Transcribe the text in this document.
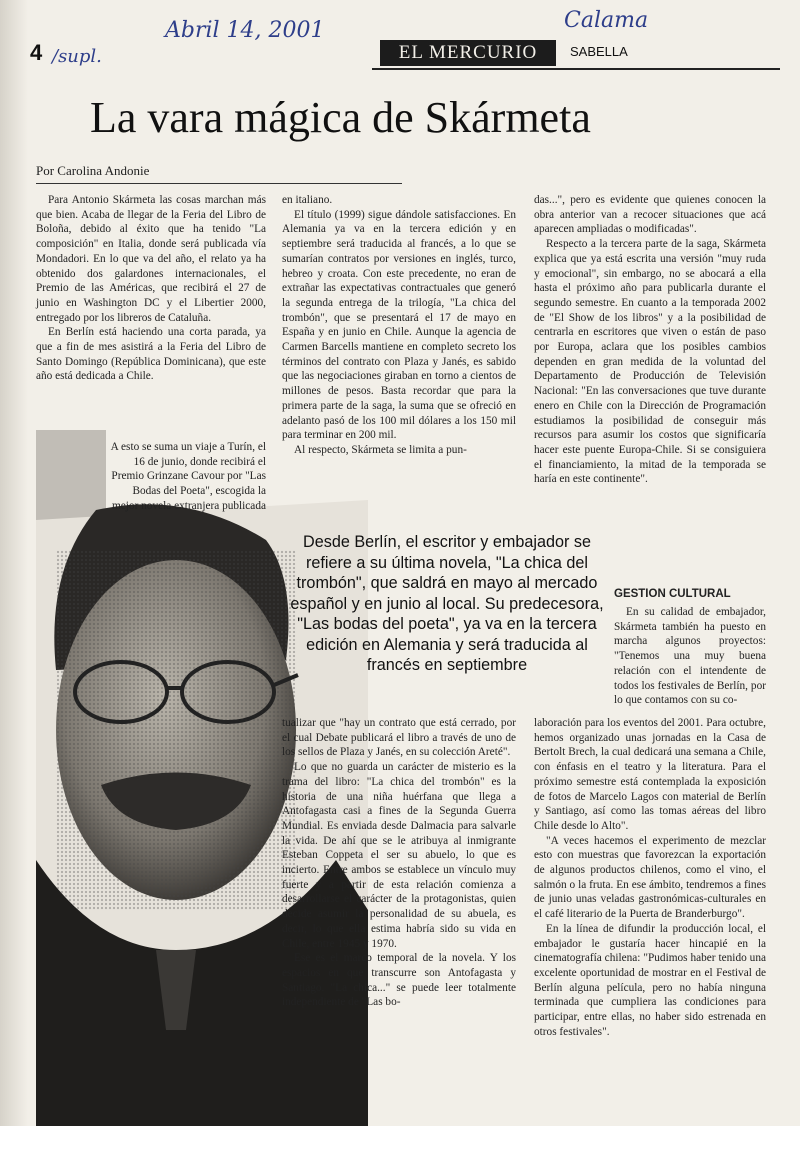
4 /supl.
Abril 14, 2001	Calama
EL MERCURIO	SABELLA
La vara mágica de Skármeta
Por Carolina Andonie

Para Antonio Skármeta las cosas marchan más que bien. Acaba de llegar de la Feria del Libro de Boloña, debido al éxito que ha tenido "La composición" en Italia, donde será publicada vía Mondadori. En lo que va del año, el relato ya ha obtenido dos galardones internacionales, el Premio de las Américas, que recibirá el 27 de junio en Washington DC y el Libertier 2000, entregado por los libreros de Cataluña.

En Berlín está haciendo una corta parada, ya que a fin de mes asistirá a la Feria del Libro de Santo Domingo (República Dominicana), que este año está dedicada a Chile.

A esto se suma un viaje a Turín, el 16 de junio, donde recibirá el Premio Grinzane Cavour por "Las Bodas del Poeta", escogida la mejor novela extranjera publicada

en italiano.

El título (1999) sigue dándole satisfacciones. En Alemania ya va en la tercera edición y en septiembre será traducida al francés, a lo que se sumarían contratos por versiones en inglés, turco, hebreo y croata. Con este precedente, no eran de extrañar las expectativas contractuales que generó la segunda entrega de la trilogía, "La chica del trombón", que se presentará el 17 de mayo en España y en junio en Chile. Aunque la agencia de Carmen Barcells mantiene en completo secreto los términos del contrato con Plaza y Janés, es sabido que las negociaciones giraban en torno a cientos de millones de pesos. Basta recordar que para la primera parte de la saga, la suma que se ofreció en adelanto pasó de los 100 mil dólares a los 150 mil para terminar en 200 mil.

Al respecto, Skármeta se limita a pun-

das...", pero es evidente que quienes conocen la obra anterior van a recocer situaciones que acá aparecen ampliadas o modificadas".

Respecto a la tercera parte de la saga, Skármeta explica que ya está escrita una versión "muy ruda y emocional", sin embargo, no se abocará a ella hasta el próximo año para publicarla durante el segundo semestre. En cuanto a la temporada 2002 de "El Show de los libros" y a la posibilidad de centrarla en escritores que viven o están de paso por Europa, aclara que los posibles cambios dependen en gran medida de la voluntad del Departamento de Producción de Televisión Nacional: "En las conversaciones que tuve durante enero en Chile con la Dirección de Programación estudiamos la posibilidad de conseguir más recursos para asumir los costos que significaría hacer este puente Europa-Chile. Si se consiguiera el financiamiento, la mitad de la temporada se haría en este continente".

Desde Berlín, el escritor y embajador se refiere a su última novela, "La chica del trombón", que saldrá en mayo al mercado español y en junio al local. Su predecesora, "Las bodas del poeta", ya va en la tercera edición en Alemania y será traducida al francés en septiembre
GESTION CULTURAL

En su calidad de embajador, Skármeta también ha puesto en marcha algunos proyectos: "Tenemos una muy buena relación con el intendente de todos los festivales de Berlín, por lo que contamos con su co-

tualizar que "hay un contrato que está cerrado, por el cual Debate publicará el libro a través de uno de los sellos de Plaza y Janés, en su colección Areté".

Lo que no guarda un carácter de misterio es la trama del libro: "La chica del trombón" es la historia de una niña huérfana que llega a Antofagasta casi a fines de la Segunda Guerra Mundial. Es enviada desde Dalmacia para salvarle la vida. De ahí que se le atribuya al inmigrante Esteban Coppeta el ser su abuelo, lo que es incierto. Entre ambos se establece un vínculo muy fuerte y a partir de esta relación comienza a desarrollarse el carácter de la protagonistas, quien decide asumir la personalidad de su abuela, es decir, lo que ella estima habría sido su vida en Chile, entre 1945 y 1970.

Ese es el marco temporal de la novela. Y los espacios en que transcurre son Antofagasta y Santiago. "La chica..." se puede leer totalmente independiente de "Las bo-

laboración para los eventos del 2001. Para octubre, hemos organizado unas jornadas en la Casa de Bertolt Brech, la cual dedicará una semana a Chile, con énfasis en el teatro y la literatura. Para el próximo semestre está contemplada la exposición de fotos de Marcelo Lagos con material de Berlín y Santiago, así como las tomas aéreas del libro Chile desde lo Alto".

"A veces hacemos el experimento de mezclar esto con muestras que favorezcan la exportación de algunos productos chilenos, como el vino, el salmón o la fruta. En ese ámbito, tendremos a fines de junio unas veladas gastronómicas-culturales en el café literario de la Puerta de Branderburgo".

En la línea de difundir la producción local, el embajador le gustaría hacer hincapié en la cinematografía chilena: "Pudimos haber tenido una excelente oportunidad de mostrar en el Festival de Berlín alguna película, pero no había ninguna terminada que cumpliera las condiciones para participar, entre ellas, no haber sido estrenada en otros festivales".
